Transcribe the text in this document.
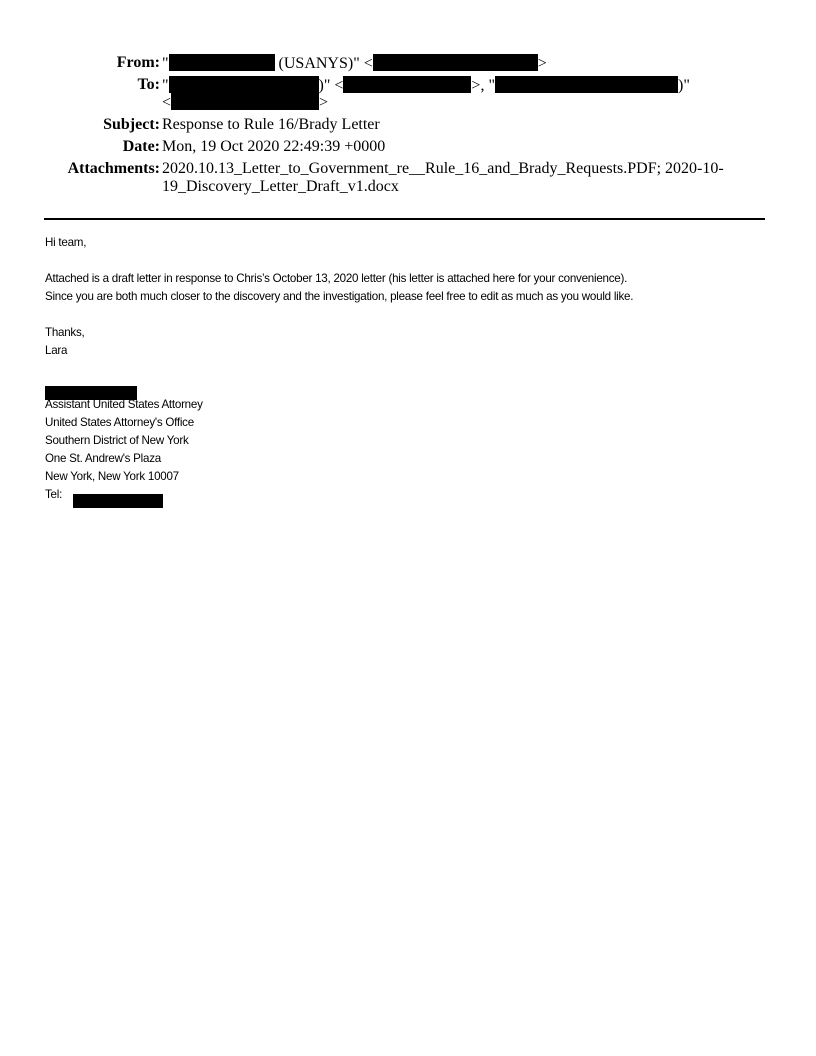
From: "	(USANYS)" <	>
To: "	)" <	>, "	)"
<	>
Subject: Response to Rule 16/Brady Letter
Date: Mon, 19 Oct 2020 22:49:39 +0000
Attachments: 2020.10.13_Letter_to_Government_re__Rule_16_and_Brady_Requests.PDF; 2020-10-
19_Discovery_Letter_Draft_v1.docx
Hi team,
Attached is a draft letter in response to Chris’s October 13, 2020 letter (his letter is attached here for your convenience).
Since you are both much closer to the discovery and the investigation, please feel free to edit as much as you would like.
Thanks,
Lara
Assistant United States Attorney
United States Attorney's Office
Southern District of New York
One St. Andrew's Plaza
New York, New York 10007
Tel:
